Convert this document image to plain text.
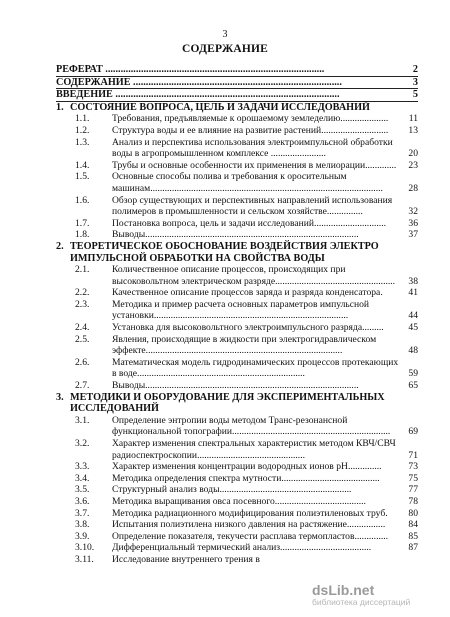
3
СОДЕРЖАНИЕ
РЕФЕРАТ ......................................................................................	2
СОДЕРЖАНИЕ ..................................................................................	3
ВВЕДЕНИЕ ........................................................................................	5
1. СОСТОЯНИЕ ВОПРОСА, ЦЕЛЬ И ЗАДАЧИ ИССЛЕДОВАНИЙ
1.1.	Требования, предъявляемые к орошаемому земледелию....................	11
1.2.	Структура воды и ее влияние на развитие растений............................	13
1.3.	Анализ и перспектива использования электроимпульсной обработки воды в агропромышленном комплексе .......................	20
1.4.	Трубы и основные особенности их применения в мелиорации.............	23
1.5.	Основные способы полива и требования к оросительным машинам.................................................................................................	28
1.6.	Обзор существующих и перспективных направлений использования полимеров в промышленности и сельском хозяйстве...............	32
1.7.	Постановка вопроса, цель и задачи исследований..............................	36
1.8.	Выводы.........................................................................................	37
2. ТЕОРЕТИЧЕСКОЕ ОБОСНОВАНИЕ ВОЗДЕЙСТВИЯ ЭЛЕКТРО ИМПУЛЬСНОЙ ОБРАБОТКИ НА СВОЙСТВА ВОДЫ
2.1.	Количественное описание процессов, происходящих при высоковольтном электрическом разряде..................................................	38
2.2.	Качественное описание процессов заряда и разряда конденсатора.	41
2.3.	Методика и пример расчета основных параметров импульсной установки.................................................................................	44
2.4.	Установка для высоковольтного электроимпульсного разряда.........	45
2.5.	Явления, происходящие в жидкости при электрогидравлическом эффекте..................................................................................	48
2.6.	Математическая модель гидродинамических процессов протекающих в воде......................................................................	59
2.7.	Выводы.........................................................................................	65
3. МЕТОДИКИ И ОБОРУДОВАНИЕ ДЛЯ ЭКСПЕРИМЕНТАЛЬНЫХ ИССЛЕДОВАНИЙ
3.1.	Определение энтропии воды методом Транс-резонансной функциональной топографии..................................................................	69
3.2.	Характер изменения спектральных характеристик методом КВЧ/СВЧ радиоспектроскопии.............................................	71
3.3.	Характер изменения концентрации водородных ионов рН..............	73
3.4.	Методика определения спектра мутности.........................................	75
3.5.	Структурный анализ воды.......................................................	77
3.6.	Методика выращивания овса посевного......................................	78
3.7.	Методика радиационного модифицирования полиэтиленовых труб.	80
3.8.	Испытания полиэтилена низкого давления на растяжение................	84
3.9.	Определение показателя, текучести расплава термопластов..............	85
3.10.	Дифференциальный термический анализ......................................	87
3.11.	Исследование внутреннего трения в
dsLib.net
библиотека диссертаций
